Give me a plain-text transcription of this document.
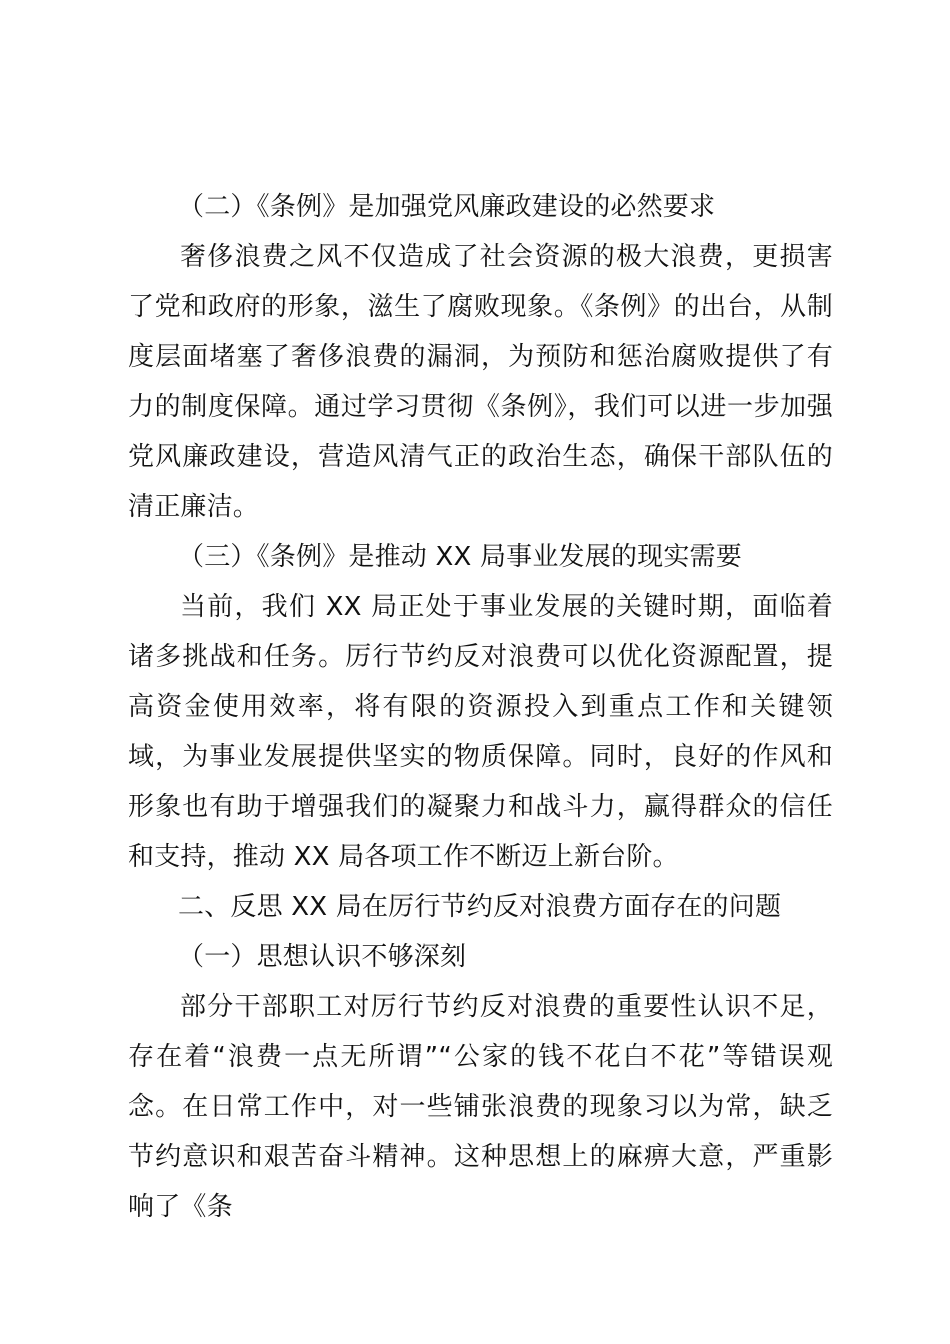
（二）《条例》是加强党风廉政建设的必然要求

奢侈浪费之风不仅造成了社会资源的极大浪费，更损害了党和政府的形象，滋生了腐败现象。《条例》的出台，从制度层面堵塞了奢侈浪费的漏洞，为预防和惩治腐败提供了有力的制度保障。通过学习贯彻《条例》，我们可以进一步加强党风廉政建设，营造风清气正的政治生态，确保干部队伍的清正廉洁。

（三）《条例》是推动 XX 局事业发展的现实需要

当前，我们 XX 局正处于事业发展的关键时期，面临着诸多挑战和任务。厉行节约反对浪费可以优化资源配置，提高资金使用效率，将有限的资源投入到重点工作和关键领域，为事业发展提供坚实的物质保障。同时，良好的作风和形象也有助于增强我们的凝聚力和战斗力，赢得群众的信任和支持，推动 XX 局各项工作不断迈上新台阶。

二、反思 XX 局在厉行节约反对浪费方面存在的问题

（一）思想认识不够深刻

部分干部职工对厉行节约反对浪费的重要性认识不足，存在着“浪费一点无所谓”“公家的钱不花白不花”等错误观念。在日常工作中，对一些铺张浪费的现象习以为常，缺乏节约意识和艰苦奋斗精神。这种思想上的麻痹大意，严重影响了《条
